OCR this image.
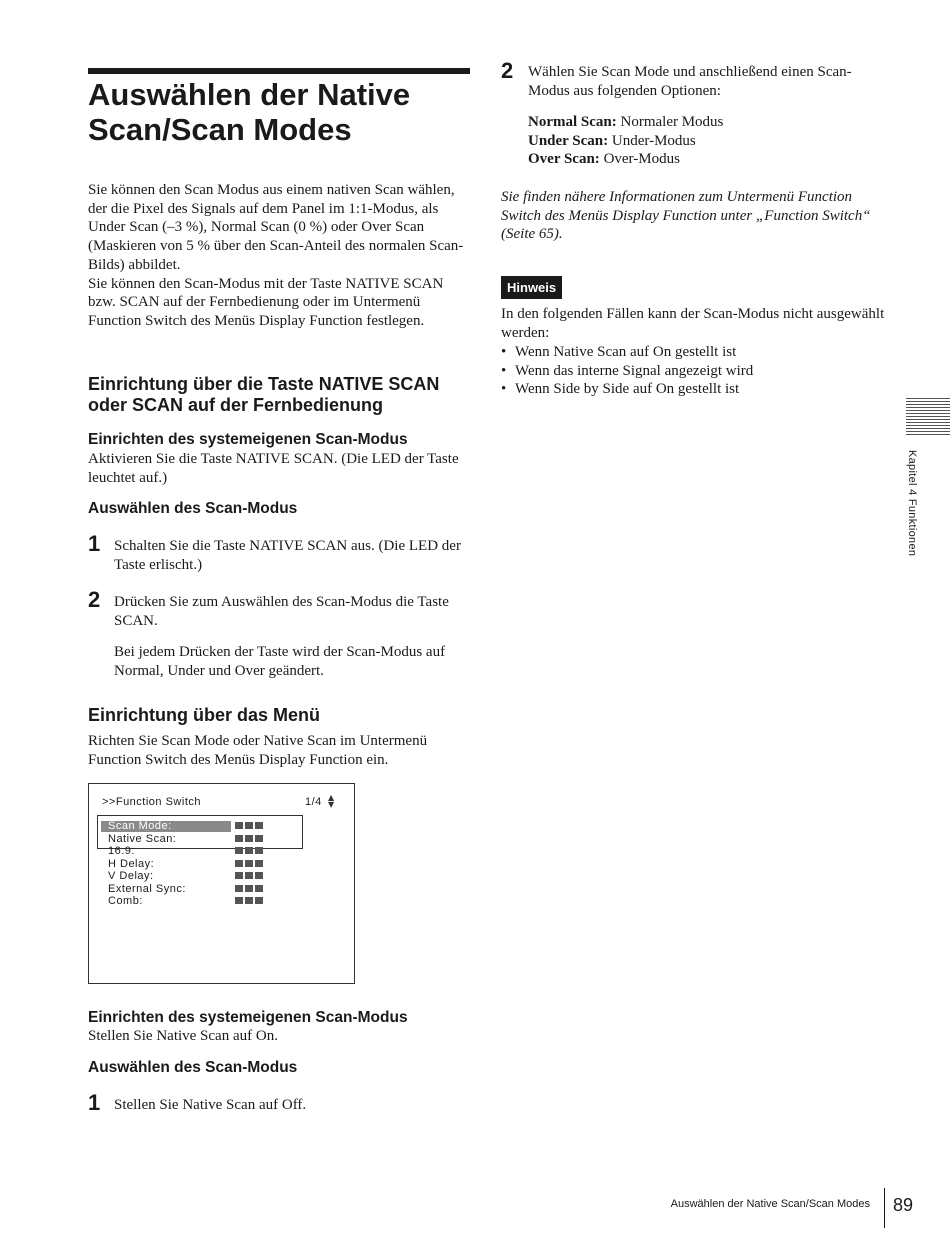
Auswählen der Native Scan/Scan Modes

Sie können den Scan Modus aus einem nativen Scan wählen, der die Pixel des Signals auf dem Panel im 1:1-Modus, als Under Scan (–3 %), Normal Scan (0 %) oder Over Scan (Maskieren von 5 % über den Scan-Anteil des normalen Scan-Bilds) abbildet.

Sie können den Scan-Modus mit der Taste NATIVE SCAN bzw. SCAN auf der Fernbedienung oder im Untermenü Function Switch des Menüs Display Function festlegen.

Einrichtung über die Taste NATIVE SCAN oder SCAN auf der Fernbedienung
Einrichten des systemeigenen Scan-Modus

Aktivieren Sie die Taste NATIVE SCAN. (Die LED der Taste leuchtet auf.)

Auswählen des Scan-Modus
1 Schalten Sie die Taste NATIVE SCAN aus. (Die LED der Taste erlischt.)

2 Drücken Sie zum Auswählen des Scan-Modus die Taste SCAN.

Bei jedem Drücken der Taste wird der Scan-Modus auf Normal, Under und Over geändert.

Einrichtung über das Menü

Richten Sie Scan Mode oder Native Scan im Untermenü Function Switch des Menüs Display Function ein.

>>Function Switch	1/4 ▲
▼
Scan Mode:
Native Scan:
16:9:
H Delay:
V Delay:
External Sync:
Comb:
Einrichten des systemeigenen Scan-Modus

Stellen Sie Native Scan auf On.

Auswählen des Scan-Modus
1 Stellen Sie Native Scan auf Off.

2 Wählen Sie Scan Mode und anschließend einen Scan-Modus aus folgenden Optionen:

Normal Scan: Normaler Modus

Under Scan: Under-Modus

Over Scan: Over-Modus

Sie finden nähere Informationen zum Untermenü Function Switch des Menüs Display Function unter „Function Switch“ (Seite 65).

Hinweis

In den folgenden Fällen kann der Scan-Modus nicht ausgewählt werden:

• Wenn Native Scan auf On gestellt ist
• Wenn das interne Signal angezeigt wird
• Wenn Side by Side auf On gestellt ist
Kapitel 4 Funktionen
Auswählen der Native Scan/Scan Modes 89
